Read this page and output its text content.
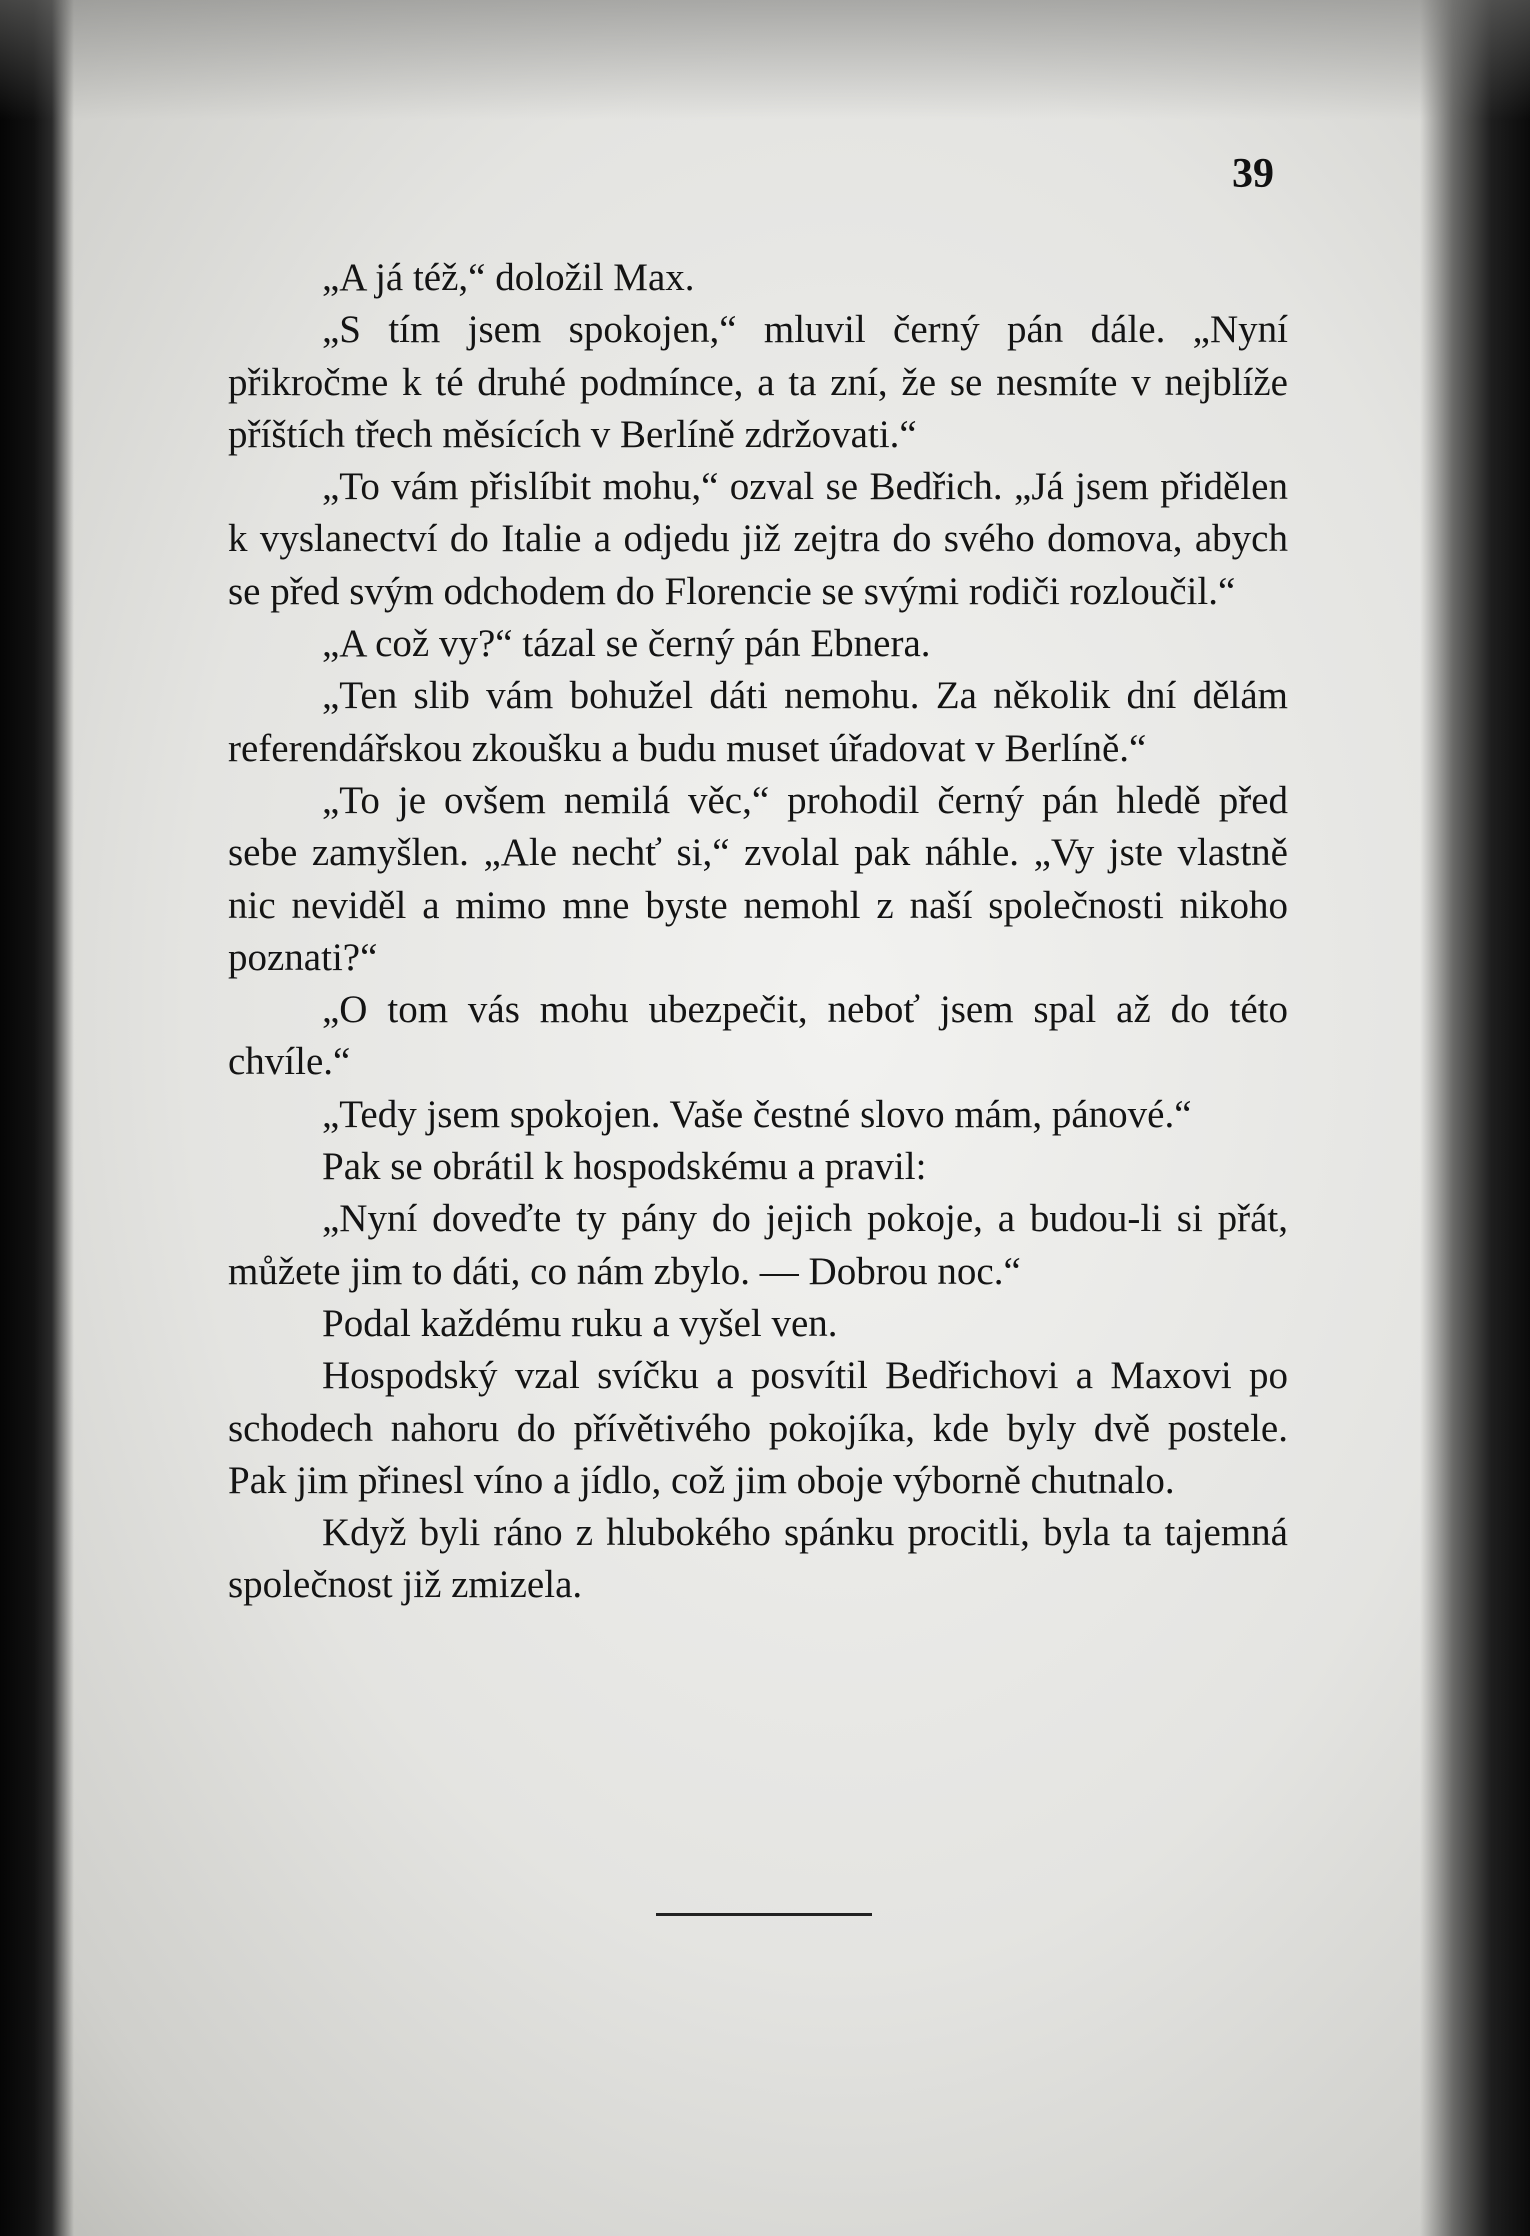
39

„A já též,“ doložil Max.

„S tím jsem spokojen,“ mluvil černý pán dále. „Nyní přikročme k té druhé podmínce, a ta zní, že se nesmíte v nejblíže příštích třech měsících v Berlíně zdržovati.“

„To vám přislíbit mohu,“ ozval se Bedřich. „Já jsem přidělen k vyslanectví do Italie a odjedu již zejtra do svého domova, abych se před svým odchodem do Florencie se svými rodiči rozloučil.“

„A což vy?“ tázal se černý pán Ebnera.

„Ten slib vám bohužel dáti nemohu. Za několik dní dělám referendářskou zkoušku a budu muset úřadovat v Berlíně.“

„To je ovšem nemilá věc,“ prohodil černý pán hledě před sebe zamyšlen. „Ale nechť si,“ zvolal pak náhle. „Vy jste vlastně nic neviděl a mimo mne byste nemohl z naší společnosti nikoho poznati?“

„O tom vás mohu ubezpečit, neboť jsem spal až do této chvíle.“

„Tedy jsem spokojen. Vaše čestné slovo mám, pánové.“

Pak se obrátil k hospodskému a pravil:

„Nyní doveďte ty pány do jejich pokoje, a budou-li si přát, můžete jim to dáti, co nám zbylo. — Dobrou noc.“

Podal každému ruku a vyšel ven.

Hospodský vzal svíčku a posvítil Bedřichovi a Maxovi po schodech nahoru do přívětivého pokojíka, kde byly dvě postele. Pak jim přinesl víno a jídlo, což jim oboje výborně chutnalo.

Když byli ráno z hlubokého spánku procitli, byla ta tajemná společnost již zmizela.
